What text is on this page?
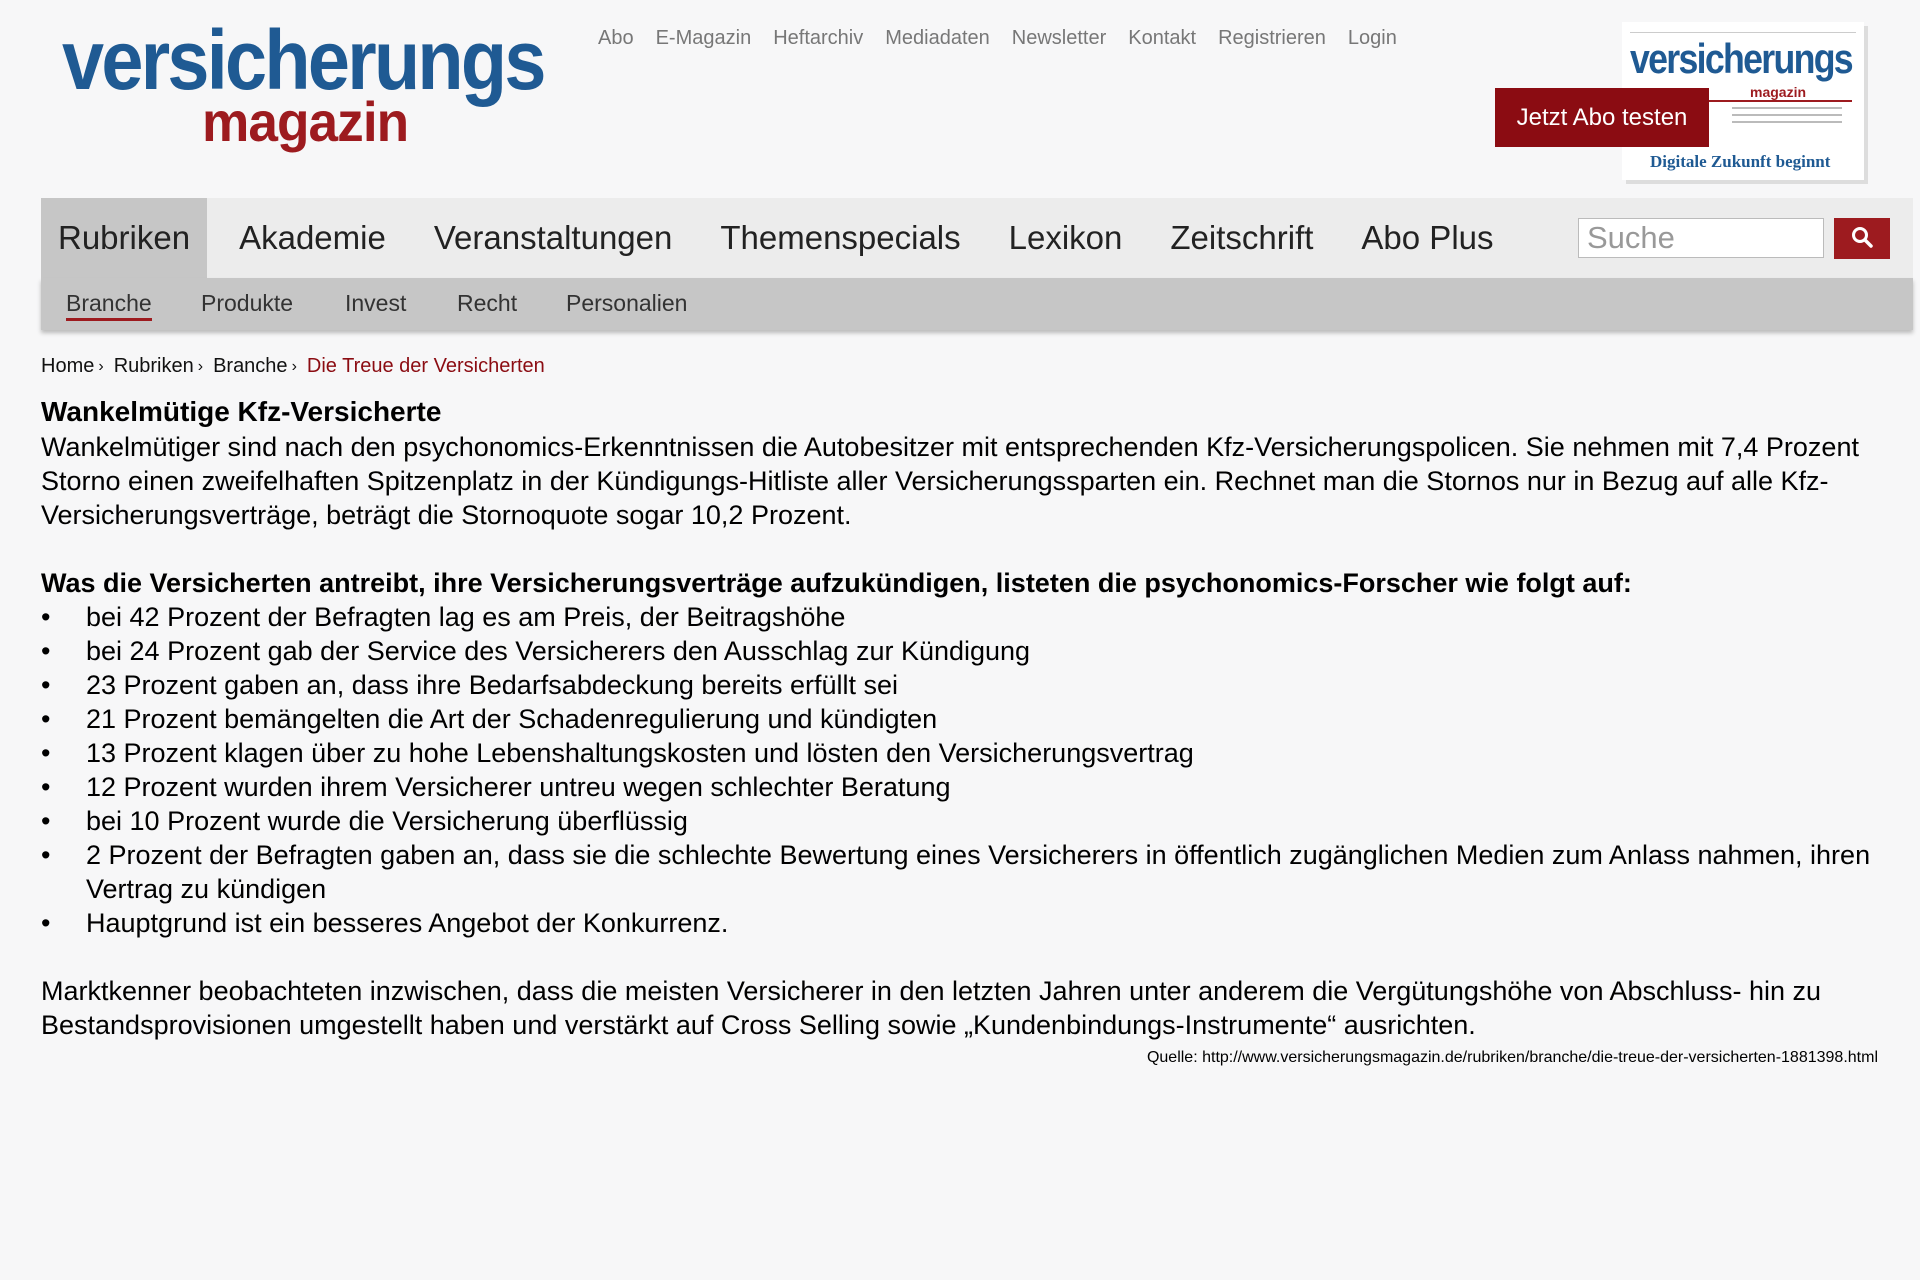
versicherungs
magazin
Abo E-Magazin Heftarchiv Mediadaten Newsletter Kontakt Registrieren Login	versicherungs
magazin
Digitale Zukunft beginnt
Jetzt Abo testen
Rubriken	Akademie	Veranstaltungen	Themenspecials	Lexikon	Zeitschrift	Abo Plus	Suche
Branche Produkte Invest Recht Personalien
Home › Rubriken › Branche › Die Treue der Versicherten
Wankelmütige Kfz-Versicherte

Wankelmütiger sind nach den psychonomics-Erkenntnissen die Autobesitzer mit entsprechenden Kfz-Versicherungspolicen. Sie nehmen mit 7,4 Prozent Storno einen zweifelhaften Spitzenplatz in der Kündigungs-Hitliste aller Versicherungssparten ein. Rechnet man die Stornos nur in Bezug auf alle Kfz-Versicherungsverträge, beträgt die Stornoquote sogar 10,2 Prozent.

Was die Versicherten antreibt, ihre Versicherungsverträge aufzukündigen, listeten die psychonomics-Forscher wie folgt auf:

• bei 42 Prozent der Befragten lag es am Preis, der Beitragshöhe
• bei 24 Prozent gab der Service des Versicherers den Ausschlag zur Kündigung
• 23 Prozent gaben an, dass ihre Bedarfsabdeckung bereits erfüllt sei
• 21 Prozent bemängelten die Art der Schadenregulierung und kündigten
• 13 Prozent klagen über zu hohe Lebenshaltungskosten und lösten den Versicherungsvertrag
• 12 Prozent wurden ihrem Versicherer untreu wegen schlechter Beratung
• bei 10 Prozent wurde die Versicherung überflüssig
• 2 Prozent der Befragten gaben an, dass sie die schlechte Bewertung eines Versicherers in öffentlich zugänglichen Medien zum Anlass nahmen, ihren Vertrag zu kündigen
• Hauptgrund ist ein besseres Angebot der Konkurrenz.

Marktkenner beobachteten inzwischen, dass die meisten Versicherer in den letzten Jahren unter anderem die Vergütungshöhe von Abschluss- hin zu Bestandsprovisionen umgestellt haben und verstärkt auf Cross Selling sowie „Kundenbindungs-Instrumente“ ausrichten.

Quelle: http://www.versicherungsmagazin.de/rubriken/branche/die-treue-der-versicherten-1881398.html
